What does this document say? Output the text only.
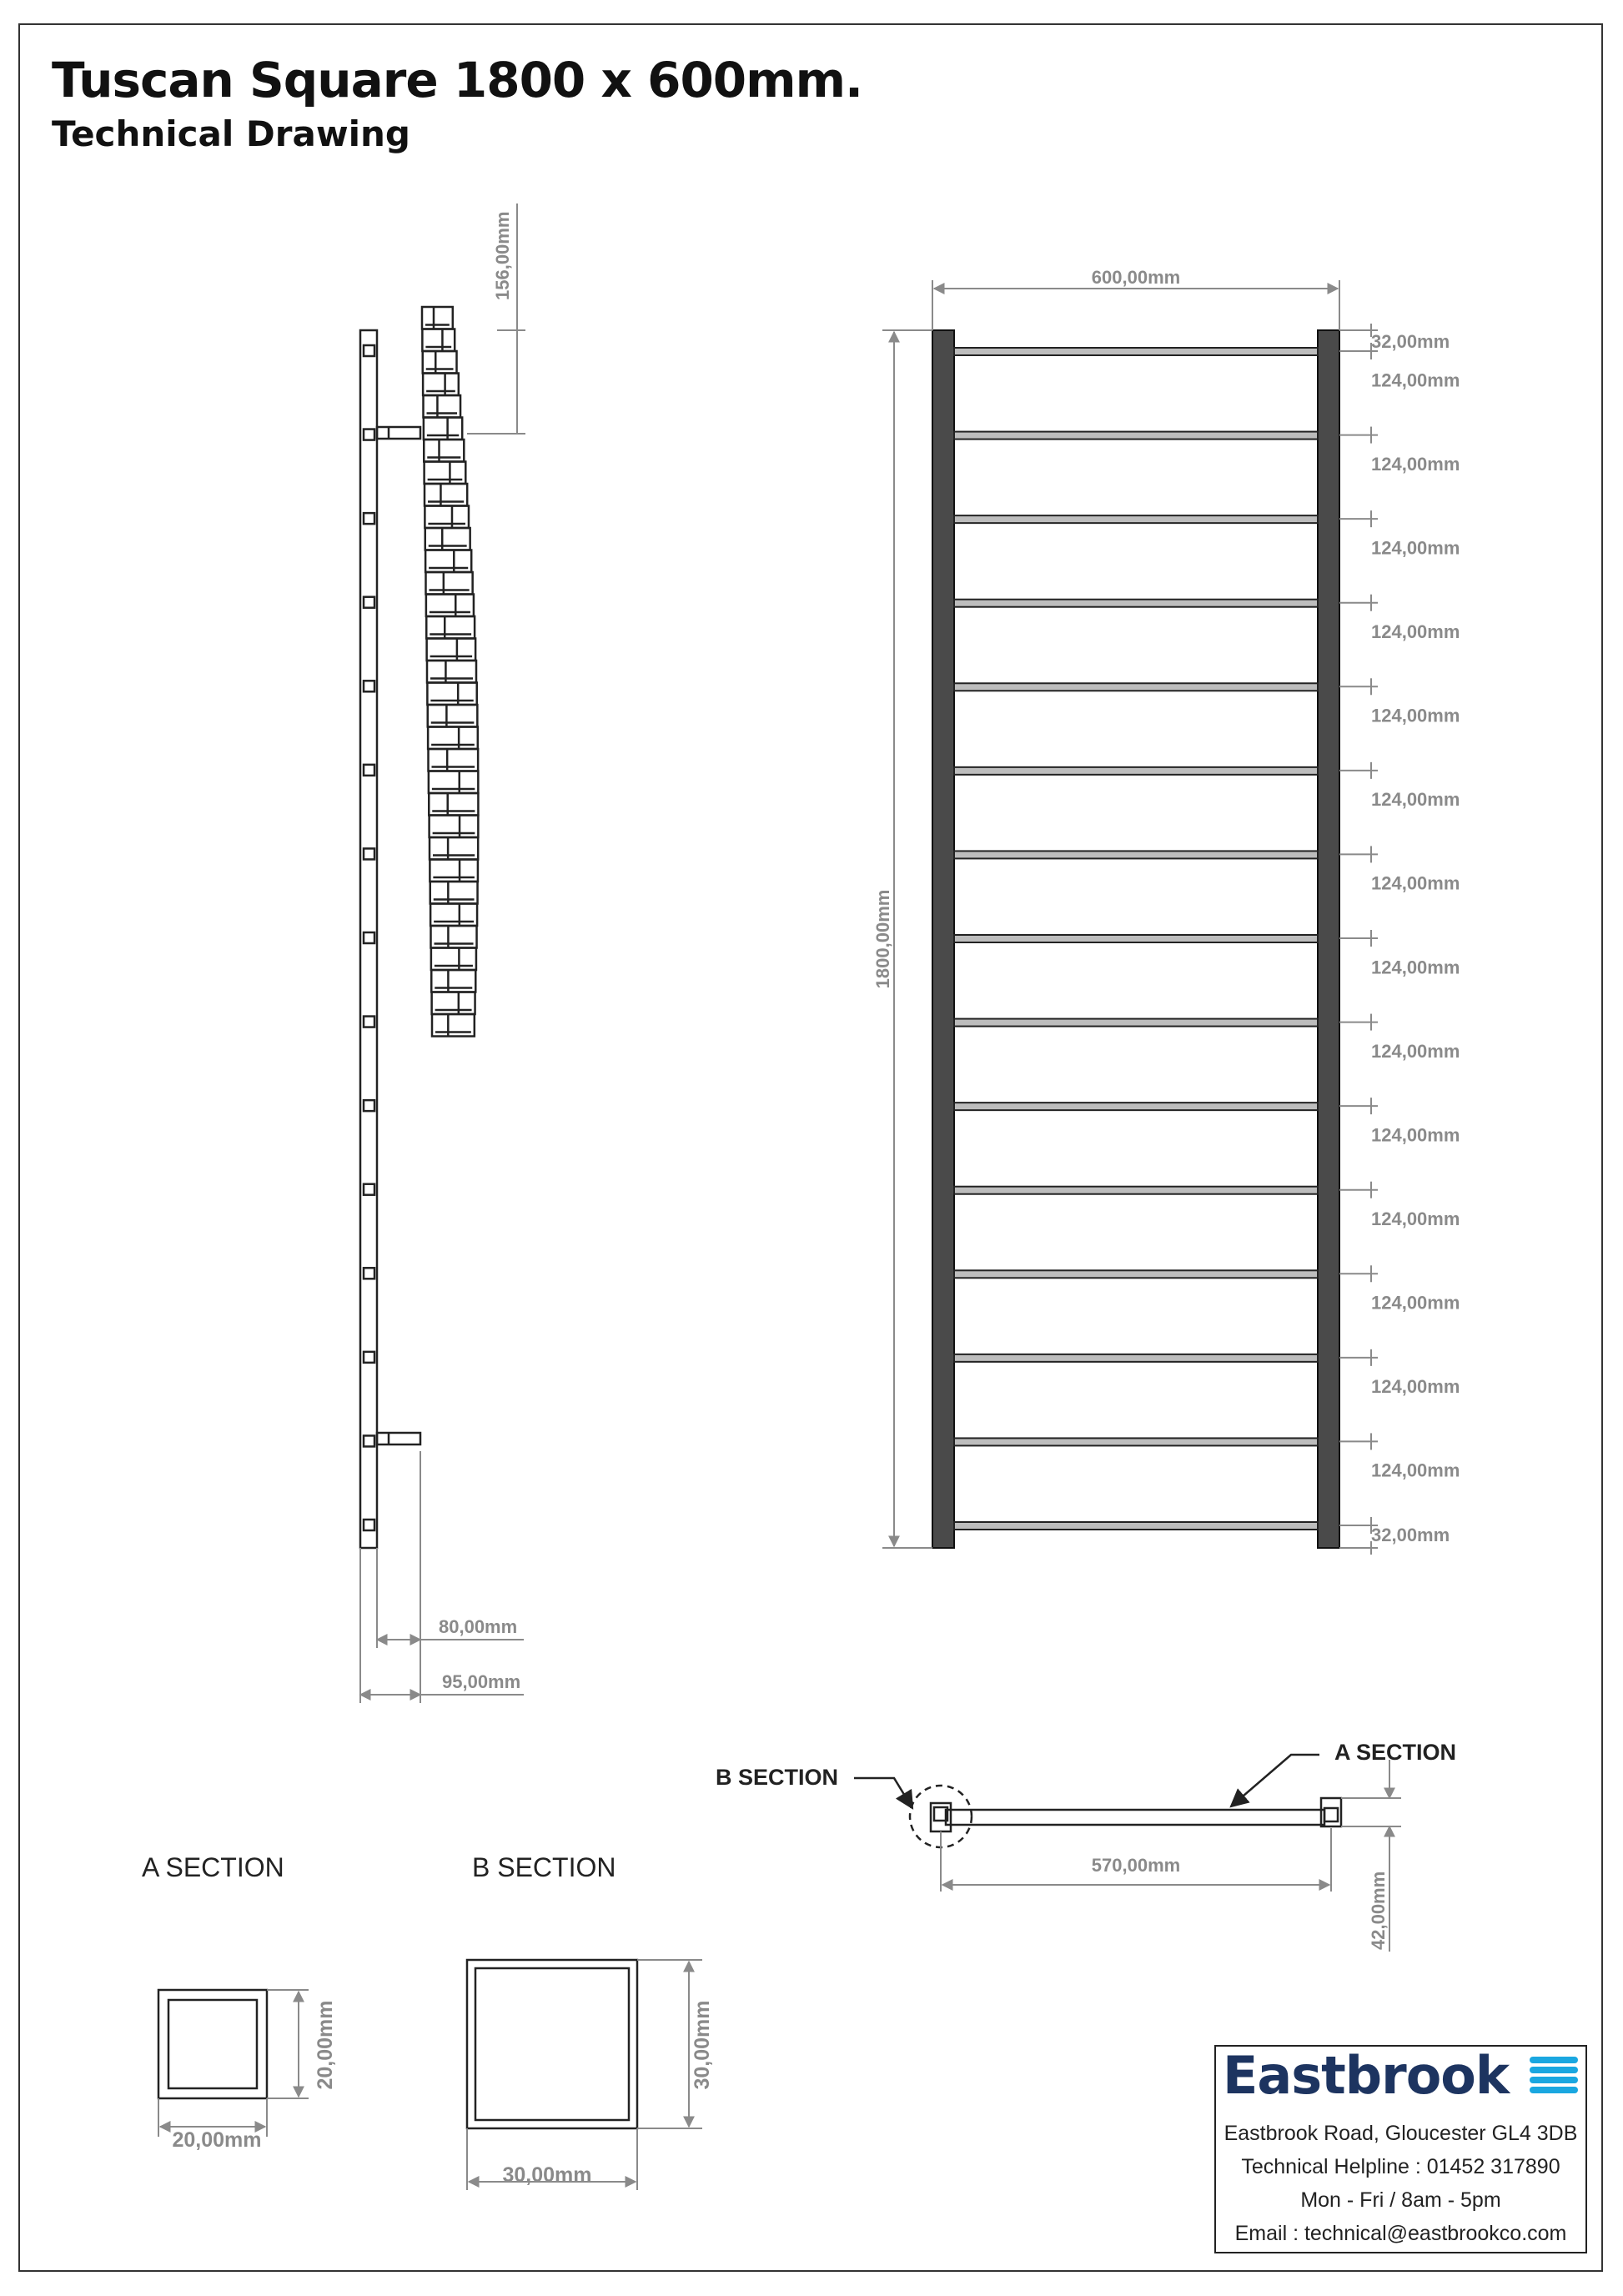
Tuscan Square 1800 x 600mm.
Technical Drawing
156,00mm
80,00mm
95,00mm
600,00mm
1800,00mm
124,00mm
124,00mm
124,00mm
124,00mm
124,00mm
124,00mm
124,00mm
124,00mm
124,00mm
124,00mm
124,00mm
124,00mm
124,00mm
124,00mm
32,00mm
32,00mm
B SECTION
A SECTION
570,00mm
42,00mm
A SECTION
20,00mm
20,00mm
B SECTION
30,00mm
30,00mm
Eastbrook
Eastbrook Road, Gloucester GL4 3DB
Technical Helpline : 01452 317890
Mon - Fri / 8am - 5pm
Email : technical@eastbrookco.com
